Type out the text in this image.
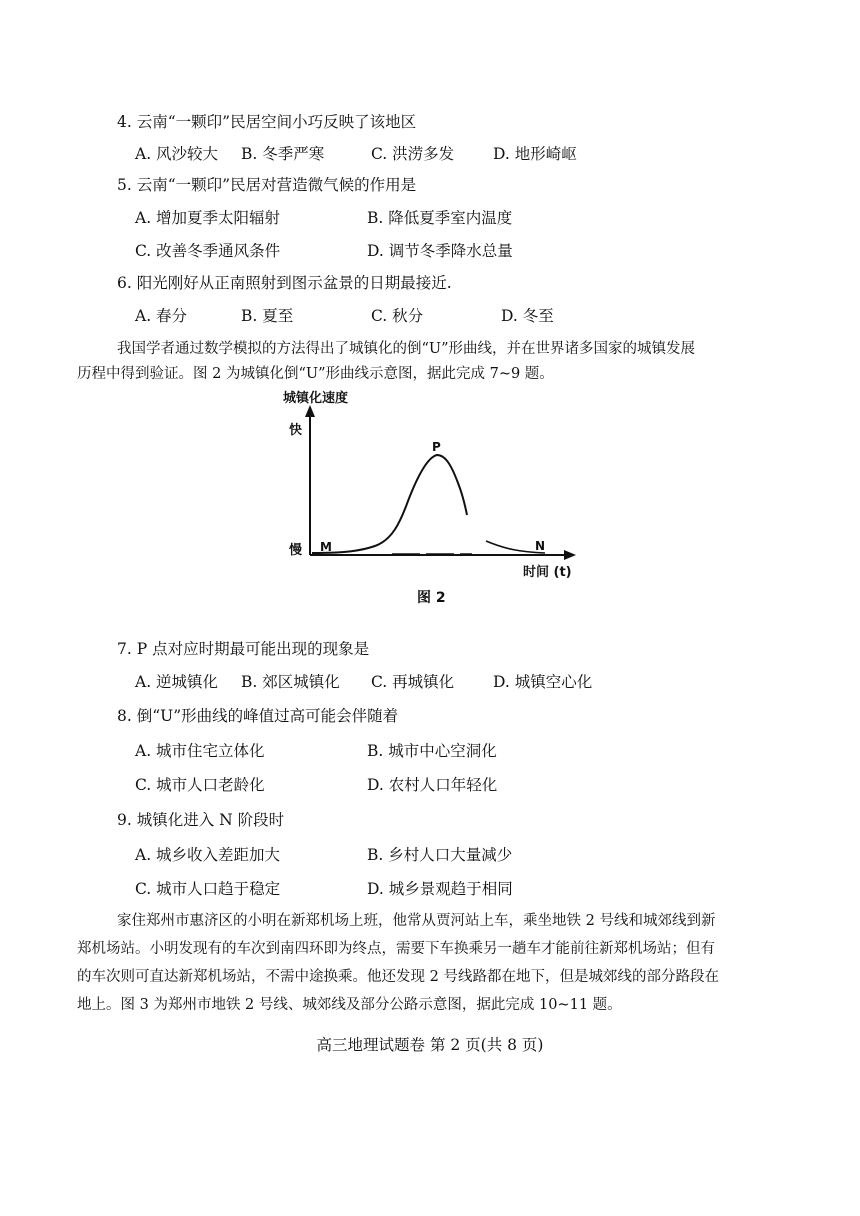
4. 云南“一颗印”民居空间小巧反映了该地区
A. 风沙较大 B. 冬季严寒	C. 洪涝多发	D. 地形崎岖
5. 云南“一颗印”民居对营造微气候的作用是
A. 增加夏季太阳辐射	B. 降低夏季室内温度
C. 改善冬季通风条件	D. 调节冬季降水总量
6. 阳光刚好从正南照射到图示盆景的日期最接近.
A. 春分	B. 夏至	C. 秋分	D. 冬至
我国学者通过数学模拟的方法得出了城镇化的倒“U”形曲线，并在世界诸多国家的城镇发展
历程中得到验证。图 2 为城镇化倒“U”形曲线示意图，据此完成 7~9 题。
城镇化速度
快
慢 M
P
N
时间 (t)
图 2
7. P 点对应时期最可能出现的现象是
A. 逆城镇化 B. 郊区城镇化 C. 再城镇化	D. 城镇空心化
8. 倒“U”形曲线的峰值过高可能会伴随着
A. 城市住宅立体化	B. 城市中心空洞化
C. 城市人口老龄化	D. 农村人口年轻化
9. 城镇化进入 N 阶段时
A. 城乡收入差距加大	B. 乡村人口大量减少
C. 城市人口趋于稳定	D. 城乡景观趋于相同
家住郑州市惠济区的小明在新郑机场上班，他常从贾河站上车，乘坐地铁 2 号线和城郊线到新
郑机场站。小明发现有的车次到南四环即为终点，需要下车换乘另一趟车才能前往新郑机场站；但有
的车次则可直达新郑机场站，不需中途换乘。他还发现 2 号线路都在地下，但是城郊线的部分路段在
地上。图 3 为郑州市地铁 2 号线、城郊线及部分公路示意图，据此完成 10~11 题。
高三地理试题卷 第 2 页(共 8 页)
